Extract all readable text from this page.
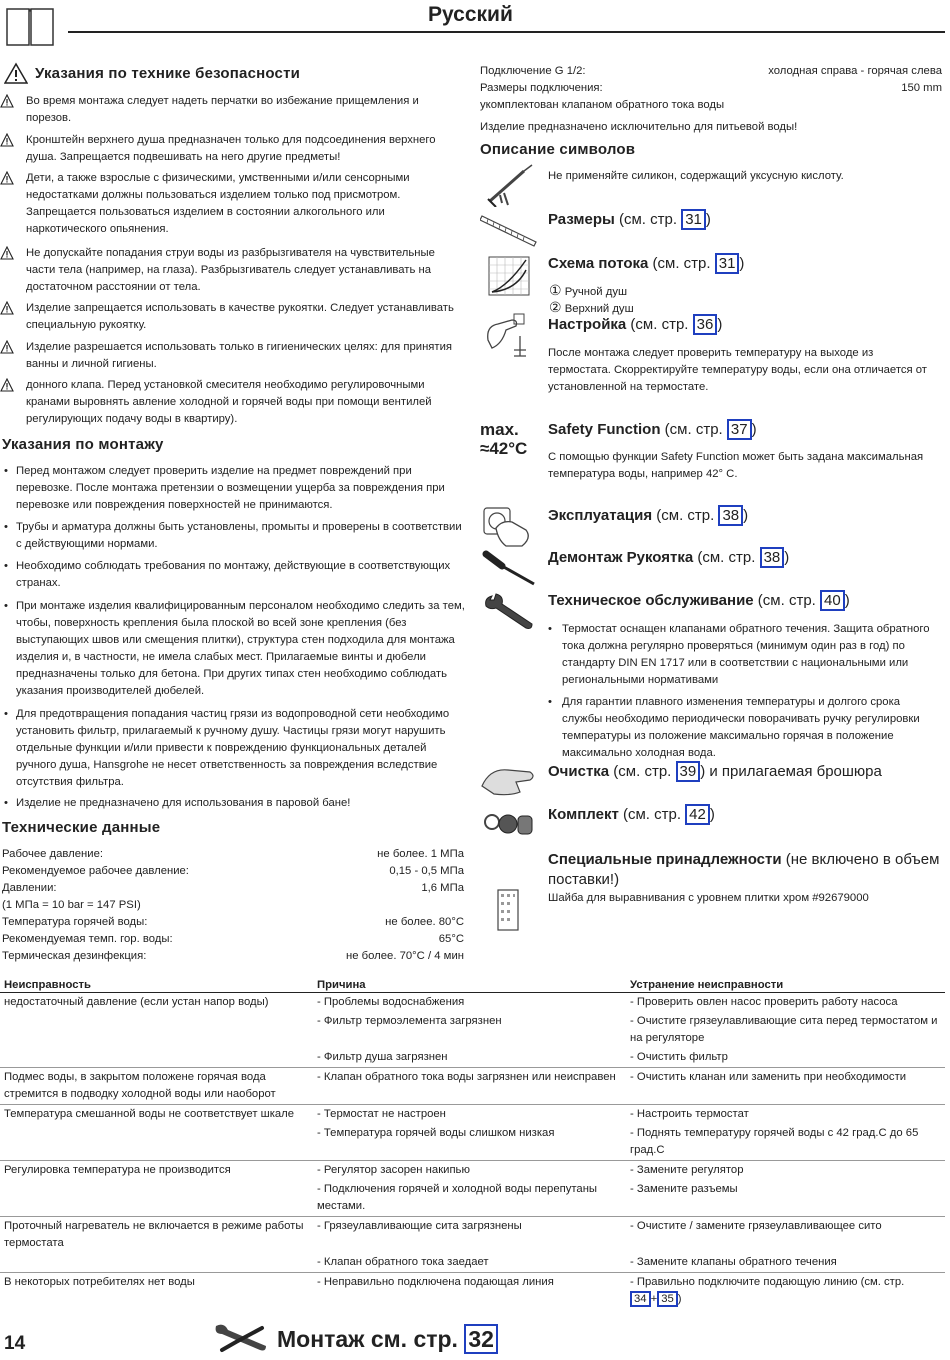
Русский
Указания по технике безопасности
Во время монтажа следует надеть перчатки во избежание прищемления и порезов.
Кронштейн верхнего душа предназначен только для подсоединения верхнего душа. Запрещается подвешивать на него другие предметы!
Дети, а также взрослые с физическими, умственными и/или сенсорными недостатками должны пользоваться изделием только под присмотром. Запрещается пользоваться изделием в состоянии алкогольного или наркотического опьянения.
Не допускайте попадания струи воды из разбрызгивателя на чувствительные части тела (например, на глаза). Разбрызгиватель следует устанавливать на достаточном расстоянии от тела.
Изделие запрещается использовать в качестве рукоятки. Следует устанавливать специальную рукоятку.
Изделие разрешается использовать только в гигиенических целях: для принятия ванны и личной гигиены.
донного клапа. Перед установкой смесителя необходимо регулировочными кранами выровнять авление холодной и горячей воды при помощи вентилей регулирующих подачу воды в квартиру).
Указания по монтажу
• Перед монтажом следует проверить изделие на предмет повреждений при перевозке. После монтажа претензии о возмещении ущерба за повреждения при перевозке или повреждения поверхностей не принимаются.
• Трубы и арматура должны быть установлены, промыты и проверены в соответствии с действующими нормами.
• Необходимо соблюдать требования по монтажу, действующие в соответствующих странах.
• При монтаже изделия квалифицированным персоналом необходимо следить за тем, чтобы, поверхность крепления была плоской во всей зоне крепления (без выступающих швов или смещения плитки), структура стен подходила для монтажа изделия и, в частности, не имела слабых мест. Прилагаемые винты и дюбели предназначены только для бетона. При других типах стен необходимо соблюдать указания производителей дюбелей.
• Для предотвращения попадания частиц грязи из водопроводной сети необходимо установить фильтр, прилагаемый к ручному душу. Частицы грязи могут нарушить отдельные функции и/или привести к повреждению функциональных деталей ручного душа, Hansgrohe не несет ответственность за повреждения вследствие отсутствия фильтра.
• Изделие не предназначено для использования в паровой бане!
Технические данные
Рабочее давление:	не более. 1 МПа
Рекомендуемое рабочее давление:	0,15 - 0,5 МПа
Давлении:	1,6 МПа
(1 МПа = 10 bar = 147 PSI)
Температура горячей воды:	не более. 80°C
Рекомендуемая темп. гор. воды:	65°C
Термическая дезинфекция:	не более. 70°C / 4 мин
Подключение G 1/2:	холодная справа - горячая слева
Размеры подключения:	150 mm
укомплектован клапаном обратного тока воды
Изделие предназначено исключительно для питьевой воды!
Описание символов
Не применяйте силикон, содержащий уксусную кислоту.
Размеры (см. стр. 31 )
Схема потока (см. стр. 31 )
① Ручной душ
② Верхний душ
Настройка (см. стр. 36 )
После монтажа следует проверить температуру на выходе из термостата. Скорректируйте температуру воды, если она отличается от установленной на термостате.
max.
≈42°C
Safety Function (см. стр. 37 )
С помощью функции Safety Function может быть задана максимальная температура воды, например 42° C.
Эксплуатация (см. стр. 38 )
Демонтаж Рукоятка (см. стр. 38 )
Техническое обслуживание (см. стр. 40 )
• Термостат оснащен клапанами обратного течения. Защита обратного тока должна регулярно проверяться (минимум один раз в год) по стандарту DIN EN 1717 или в соответствии с национальными или региональными нормативами
• Для гарантии плавного изменения температуры и долгого срока службы необходимо периодически поворачивать ручку регулировки температуры из положение максимально горячая в положение максимально холодная вода.
Очистка (см. стр. 39 ) и прилагаемая брошюра
Комплект (см. стр. 42 )
Специальные принадлежности (не включено в объем поставки!)
Шайба для выравнивания с уровнем плитки хром #92679000
Неисправность	Причина	Устранение неисправности
недостаточный давление (если устан напор воды)	- Проблемы водоснабжения	- Проверить овлен насос проверить работу насоса
	- Фильтр термоэлемента загрязнен	- Очистите грязеулавливающие сита перед термостатом и на регуляторе
	- Фильтр душа загрязнен	- Очистить фильтр
Подмес воды, в закрытом положене горячая вода стремится в подводку холодной воды или наоборот	- Клапан обратного тока воды загрязнен или неисправен	- Очистить кланан или заменить при необходимости
Температура смешанной воды не соответствует шкале	- Термостат не настроен	- Настроить термостат
	- Температура горячей воды слишком низкая	- Поднять температуру горячей воды с 42 град.С до 65 град.С
Регулировка температура не производится	- Регулятор засорен накипью	- Замените регулятор
	- Подключения горячей и холодной воды перепутаны местами.	- Замените разъемы
Проточный нагреватель не включается в режиме работы термостата	- Грязеулавливающие сита загрязнены	- Очистите / замените грязеулавливающее сито
	- Клапан обратного тока заедает	- Замените клапаны обратного течения
В некоторых потребителях нет воды	- Неправильно подключена подающая линия	- Правильно подключите подающую линию (см. стр. 34 + 35 )
14	Монтаж см. стр. 32
